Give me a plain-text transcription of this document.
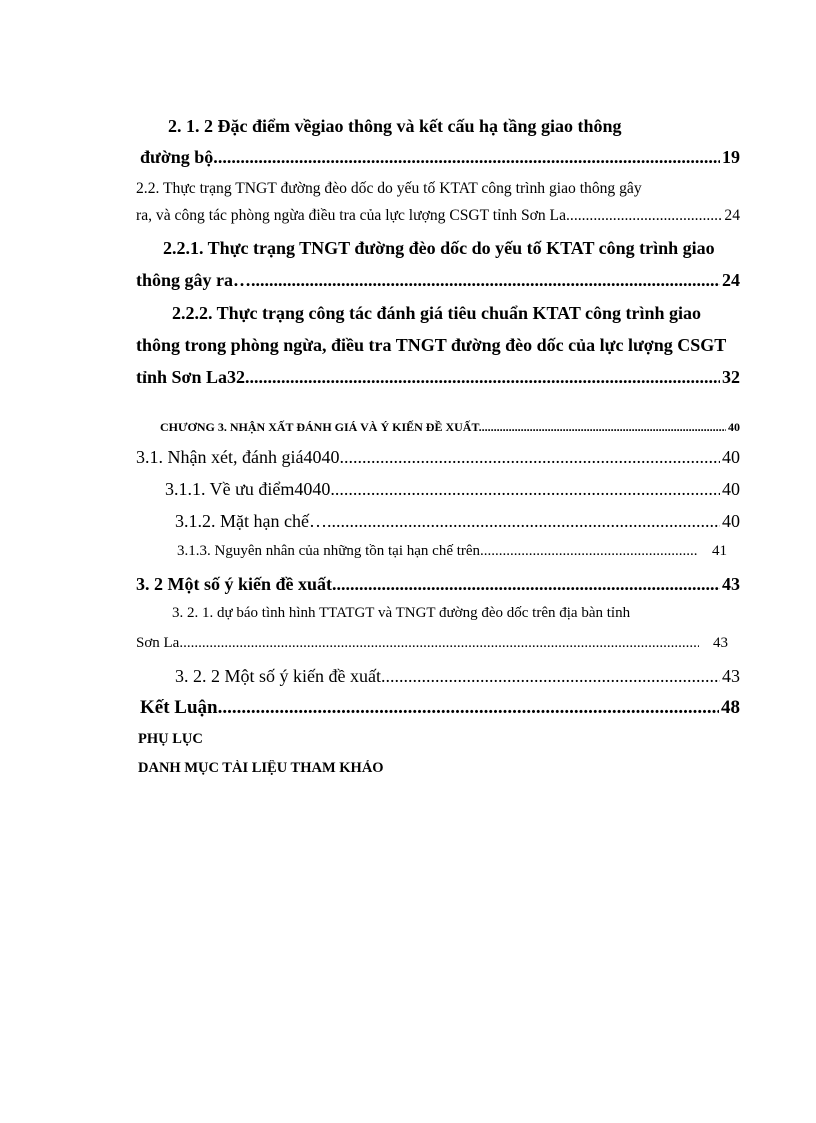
2. 1. 2 Đặc điểm vềgiao thông và kết cấu hạ tầng giao thông
đường bộ. .....	19
2.2. Thực trạng TNGT đường đèo dốc do yếu tố KTAT công trình giao thông gây
ra, và công tác phòng ngừa điều tra của lực lượng CSGT tỉnh Sơn La. .....	24
2.2.1. Thực trạng TNGT đường đèo dốc do yếu tố KTAT công trình giao
thông gây ra… .....	24
2.2.2. Thực trạng công tác đánh giá tiêu chuẩn KTAT công trình giao
thông trong phòng ngừa, điều tra TNGT đường đèo dốc của lực lượng CSGT
tỉnh Sơn La32 .....	32
CHƯƠNG 3. NHẬN XẤT ĐÁNH GIÁ VÀ Ý KIẾN ĐỀ XUẤT .....	40
3.1. Nhận xét, đánh giá4040 .....	40
3.1.1. Về ưu điểm4040 .....	40
3.1.2. Mặt hạn chế… .....	40
3.1.3. Nguyên nhân của những tồn tại hạn chế trên. .....	41
3. 2 Một số ý kiến đề xuất .....	43
3. 2. 1. dự báo tình hình TTATGT và TNGT đường đèo dốc trên địa bàn tỉnh
Sơn La. .....	43
3. 2. 2 Một số ý kiến đề xuất .....	43
Kết Luận .....	48
PHỤ LỤC
DANH MỤC TÀI LIỆU THAM KHẢO
